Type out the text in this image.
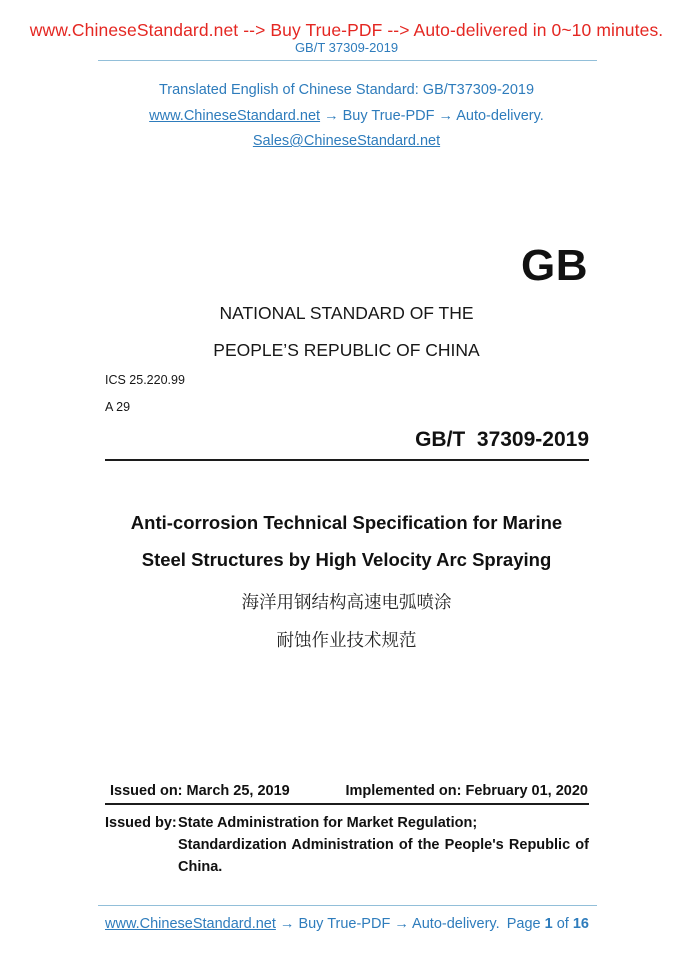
www.ChineseStandard.net --> Buy True-PDF --> Auto-delivered in 0~10 minutes.
GB/T 37309-2019
Translated English of Chinese Standard: GB/T37309-2019
www.ChineseStandard.net → Buy True-PDF → Auto-delivery.
Sales@ChineseStandard.net
GB
NATIONAL STANDARD OF THE
PEOPLE’S REPUBLIC OF CHINA
ICS 25.220.99
A 29
GB/T  37309-2019
Anti-corrosion Technical Specification for Marine
Steel Structures by High Velocity Arc Spraying
海洋用钢结构高速电弧喷涂
耐蚀作业技术规范
Issued on: March 25, 2019	Implemented on: February 01, 2020
Issued by: State Administration for Market Regulation;
Standardization Administration of the People's Republic of
China.
www.ChineseStandard.net → Buy True-PDF → Auto-delivery. Page 1 of 16
